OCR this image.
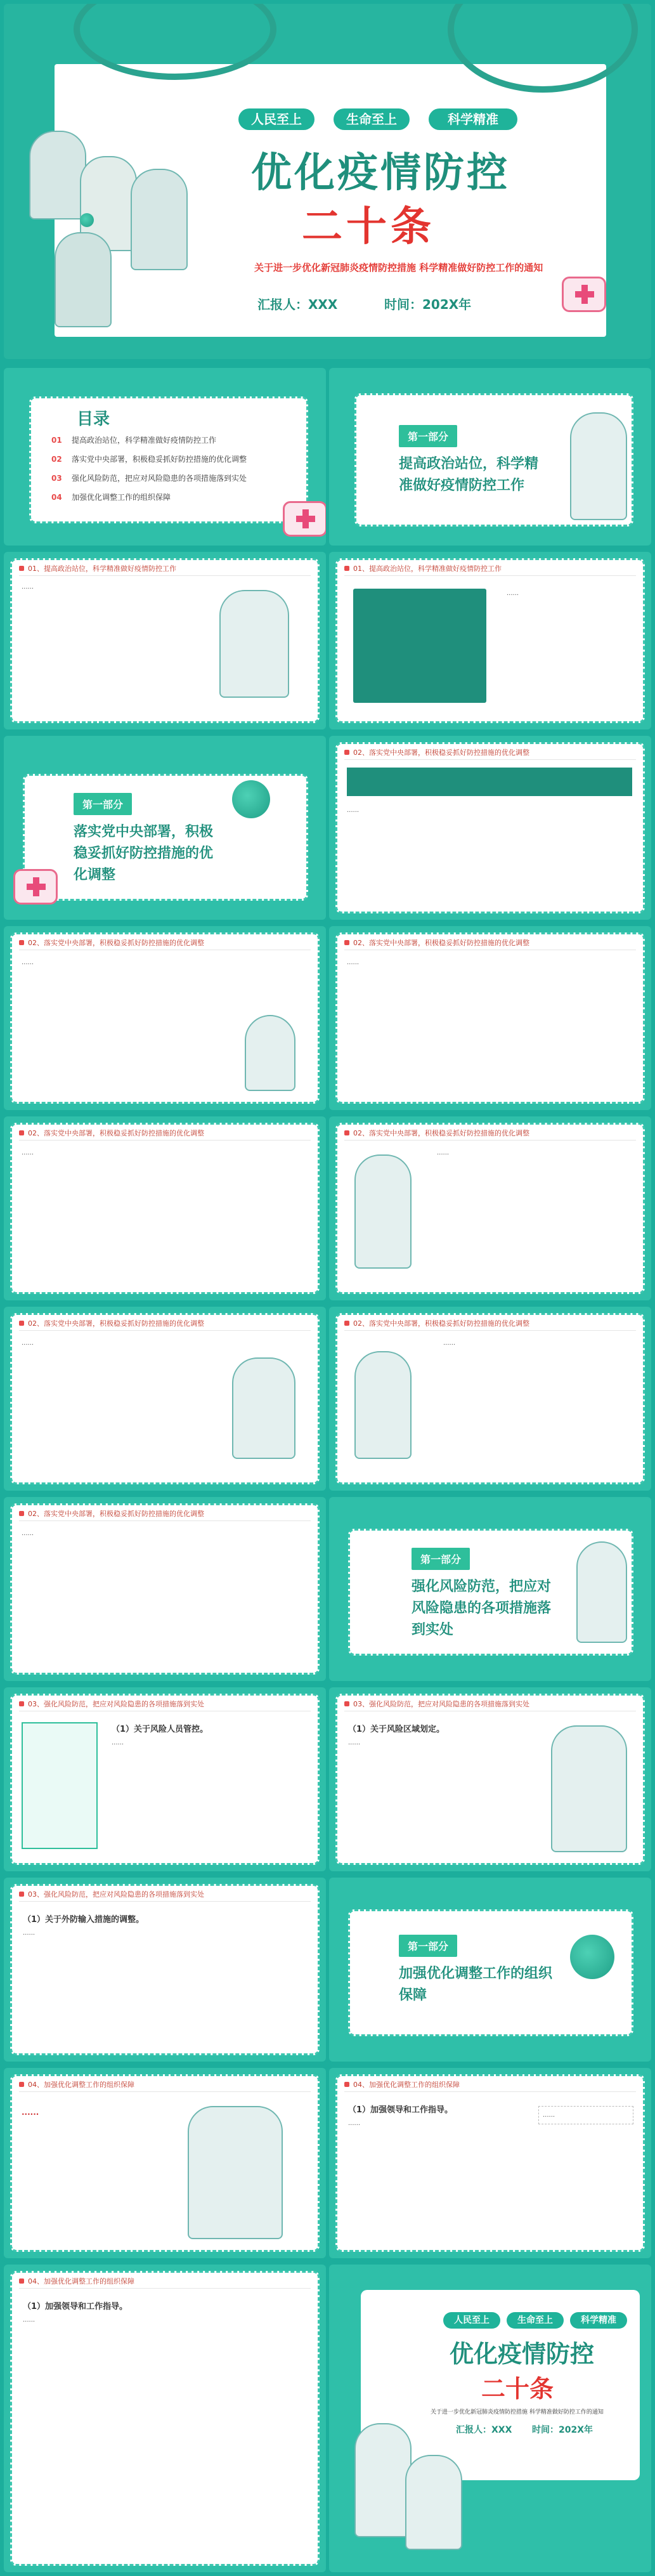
人民至上	生命至上	科学精准
优化疫情防控
二十条
关于进一步优化新冠肺炎疫情防控措施 科学精准做好防控工作的通知
汇报人：XXX	时间：202X年
目录
01	提高政治站位，科学精准做好疫情防控工作
02	落实党中央部署，积极稳妥抓好防控措施的优化调整
03	强化风险防范，把应对风险隐患的各项措施落到实处
04	加强优化调整工作的组织保障
第一部分
提高政治站位，科学精准做好疫情防控工作
01、提高政治站位，科学精准做好疫情防控工作
......
01、提高政治站位，科学精准做好疫情防控工作
......
第一部分
落实党中央部署，积极稳妥抓好防控措施的优化调整
02、落实党中央部署，积极稳妥抓好防控措施的优化调整
......
02、落实党中央部署，积极稳妥抓好防控措施的优化调整
......
02、落实党中央部署，积极稳妥抓好防控措施的优化调整
......
02、落实党中央部署，积极稳妥抓好防控措施的优化调整
......
02、落实党中央部署，积极稳妥抓好防控措施的优化调整
......
02、落实党中央部署，积极稳妥抓好防控措施的优化调整
......
02、落实党中央部署，积极稳妥抓好防控措施的优化调整
......
02、落实党中央部署，积极稳妥抓好防控措施的优化调整
......
第一部分
强化风险防范，把应对风险隐患的各项措施落到实处
03、强化风险防范，把应对风险隐患的各项措施落到实处
（1）关于风险人员管控。
......
03、强化风险防范，把应对风险隐患的各项措施落到实处
（1）关于风险区域划定。
......
03、强化风险防范，把应对风险隐患的各项措施落到实处
（1）关于外防输入措施的调整。
......
第一部分
加强优化调整工作的组织保障
04、加强优化调整工作的组织保障
......
04、加强优化调整工作的组织保障
（1）加强领导和工作指导。
......
......
04、加强优化调整工作的组织保障
（1）加强领导和工作指导。
......	人民至上	生命至上	科学精准
优化疫情防控
二十条
关于进一步优化新冠肺炎疫情防控措施 科学精准做好防控工作的通知
汇报人：XXX 时间：202X年
